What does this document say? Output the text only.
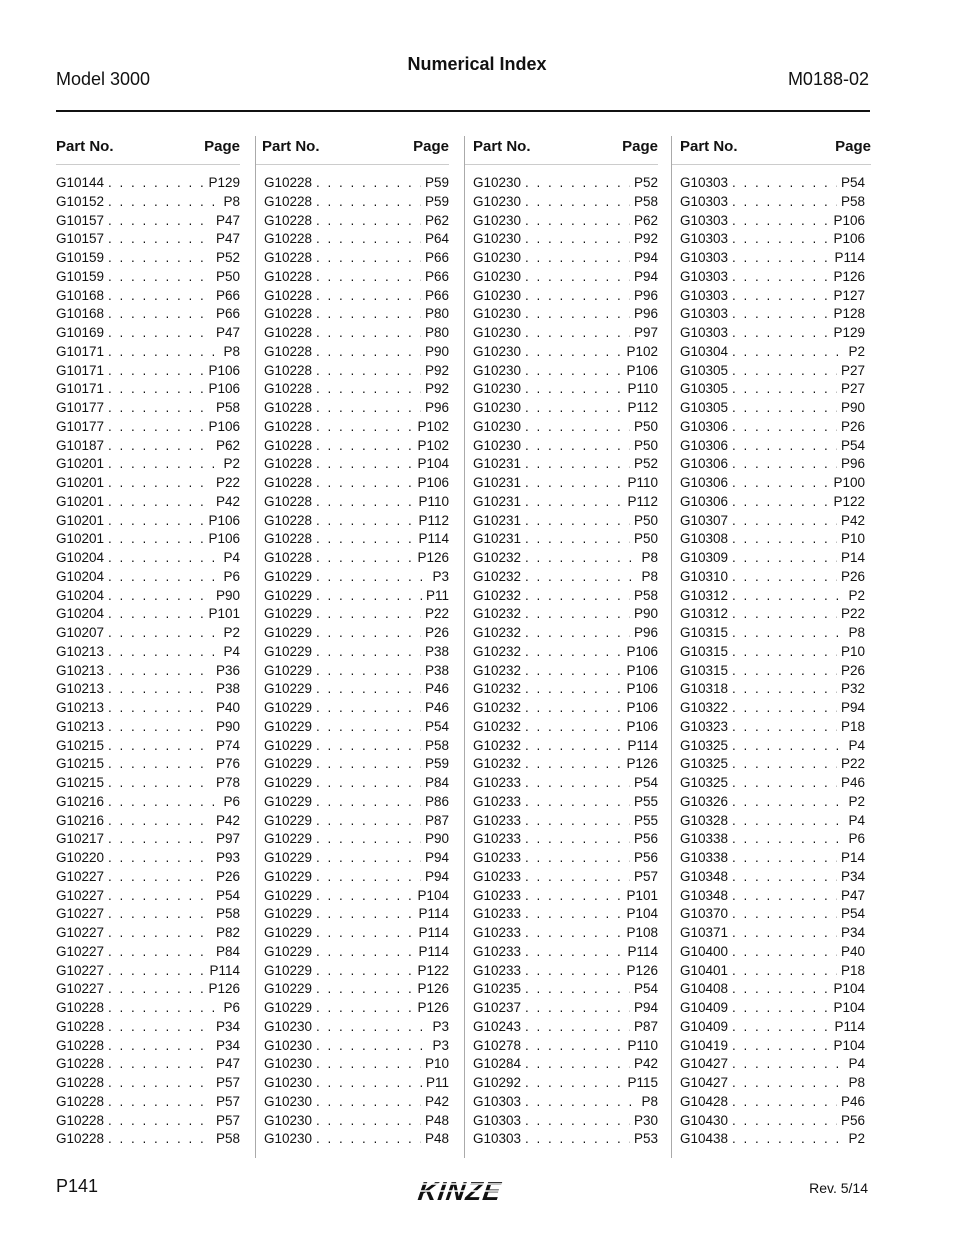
Numerical Index
Model 3000	M0188-02
Part No.	Page
G10144 . . .	P129
G10152 . . .	P8
G10157 . . .	P47
G10157 . . .	P47
G10159 . . .	P52
G10159 . . .	P50
G10168 . . .	P66
G10168 . . .	P66
G10169 . . .	P47
G10171 . . .	P8
G10171 . . .	P106
G10171 . . .	P106
G10177 . . .	P58
G10177 . . .	P106
G10187 . . .	P62
G10201 . . .	P2
G10201 . . .	P22
G10201 . . .	P42
G10201 . . .	P106
G10201 . . .	P106
G10204 . . .	P4
G10204 . . .	P6
G10204 . . .	P90
G10204 . . .	P101
G10207 . . .	P2
G10213 . . .	P4
G10213 . . .	P36
G10213 . . .	P38
G10213 . . .	P40
G10213 . . .	P90
G10215 . . .	P74
G10215 . . .	P76
G10215 . . .	P78
G10216 . . .	P6
G10216 . . .	P42
G10217 . . .	P97
G10220 . . .	P93
G10227 . . .	P26
G10227 . . .	P54
G10227 . . .	P58
G10227 . . .	P82
G10227 . . .	P84
G10227 . . .	P114
G10227 . . .	P126
G10228 . . .	P6
G10228 . . .	P34
G10228 . . .	P34
G10228 . . .	P47
G10228 . . .	P57
G10228 . . .	P57
G10228 . . .	P57
G10228 . . .	P58
Part No.	Page
G10228 . . .	P59
G10228 . . .	P59
G10228 . . .	P62
G10228 . . .	P64
G10228 . . .	P66
G10228 . . .	P66
G10228 . . .	P66
G10228 . . .	P80
G10228 . . .	P80
G10228 . . .	P90
G10228 . . .	P92
G10228 . . .	P92
G10228 . . .	P96
G10228 . . .	P102
G10228 . . .	P102
G10228 . . .	P104
G10228 . . .	P106
G10228 . . .	P110
G10228 . . .	P112
G10228 . . .	P114
G10228 . . .	P126
G10229 . . .	P3
G10229 . . .	P11
G10229 . . .	P22
G10229 . . .	P26
G10229 . . .	P38
G10229 . . .	P38
G10229 . . .	P46
G10229 . . .	P46
G10229 . . .	P54
G10229 . . .	P58
G10229 . . .	P59
G10229 . . .	P84
G10229 . . .	P86
G10229 . . .	P87
G10229 . . .	P90
G10229 . . .	P94
G10229 . . .	P94
G10229 . . .	P104
G10229 . . .	P114
G10229 . . .	P114
G10229 . . .	P114
G10229 . . .	P122
G10229 . . .	P126
G10229 . . .	P126
G10230 . . .	P3
G10230 . . .	P3
G10230 . . .	P10
G10230 . . .	P11
G10230 . . .	P42
G10230 . . .	P48
G10230 . . .	P48
Part No.	Page
G10230 . . .	P52
G10230 . . .	P58
G10230 . . .	P62
G10230 . . .	P92
G10230 . . .	P94
G10230 . . .	P94
G10230 . . .	P96
G10230 . . .	P96
G10230 . . .	P97
G10230 . . .	P102
G10230 . . .	P106
G10230 . . .	P110
G10230 . . .	P112
G10230 . . .	P50
G10230 . . .	P50
G10231 . . .	P52
G10231 . . .	P110
G10231 . . .	P112
G10231 . . .	P50
G10231 . . .	P50
G10232 . . .	P8
G10232 . . .	P8
G10232 . . .	P58
G10232 . . .	P90
G10232 . . .	P96
G10232 . . .	P106
G10232 . . .	P106
G10232 . . .	P106
G10232 . . .	P106
G10232 . . .	P106
G10232 . . .	P114
G10232 . . .	P126
G10233 . . .	P54
G10233 . . .	P55
G10233 . . .	P55
G10233 . . .	P56
G10233 . . .	P56
G10233 . . .	P57
G10233 . . .	P101
G10233 . . .	P104
G10233 . . .	P108
G10233 . . .	P114
G10233 . . .	P126
G10235 . . .	P54
G10237 . . .	P94
G10243 . . .	P87
G10278 . . .	P110
G10284 . . .	P42
G10292 . . .	P115
G10303 . . .	P8
G10303 . . .	P30
G10303 . . .	P53
Part No.	Page
G10303 . . .	P54
G10303 . . .	P58
G10303 . . .	P106
G10303 . . .	P106
G10303 . . .	P114
G10303 . . .	P126
G10303 . . .	P127
G10303 . . .	P128
G10303 . . .	P129
G10304 . . .	P2
G10305 . . .	P27
G10305 . . .	P27
G10305 . . .	P90
G10306 . . .	P26
G10306 . . .	P54
G10306 . . .	P96
G10306 . . .	P100
G10306 . . .	P122
G10307 . . .	P42
G10308 . . .	P10
G10309 . . .	P14
G10310 . . .	P26
G10312 . . .	P2
G10312 . . .	P22
G10315 . . .	P8
G10315 . . .	P10
G10315 . . .	P26
G10318 . . .	P32
G10322 . . .	P94
G10323 . . .	P18
G10325 . . .	P4
G10325 . . .	P22
G10325 . . .	P46
G10326 . . .	P2
G10328 . . .	P4
G10338 . . .	P6
G10338 . . .	P14
G10348 . . .	P34
G10348 . . .	P47
G10370 . . .	P54
G10371 . . .	P34
G10400 . . .	P40
G10401 . . .	P18
G10408 . . .	P104
G10409 . . .	P104
G10409 . . .	P114
G10419 . . .	P104
G10427 . . .	P4
G10427 . . .	P8
G10428 . . .	P46
G10430 . . .	P56
G10438 . . .	P2
P141	KINZE	Rev. 5/14
